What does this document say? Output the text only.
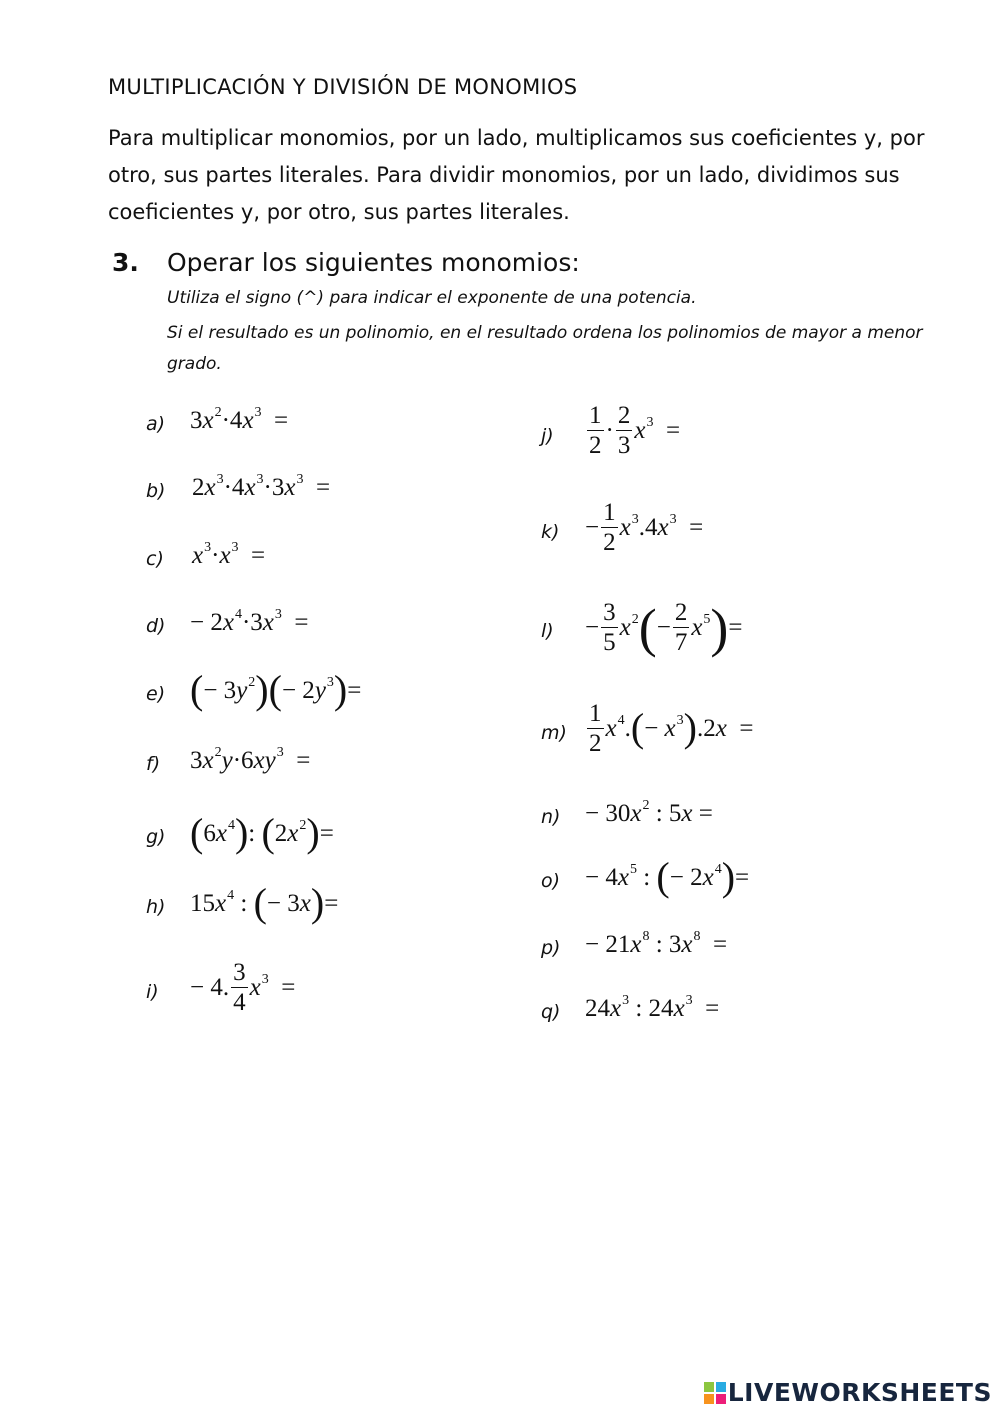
MULTIPLICACIÓN Y DIVISIÓN DE MONOMIOS
Para multiplicar monomios, por un lado, multiplicamos sus coeficientes y, por otro, sus partes literales. Para dividir monomios, por un lado, dividimos sus coeficientes y, por otro, sus partes literales.
3. Operar los siguientes monomios:
Utiliza el signo (^) para indicar el exponente de una potencia.
Si el resultado es un polinomio, en el resultado ordena los polinomios de mayor a menor grado.
a)
b)
c)
d)
e)
f)
g)
h)
i)
$3x^2\cdot 4x^3$  =
$2x^3\cdot 4x^3\cdot 3x^3$  =
$x^3\cdot x^3$  =
− $2x^4\cdot 3x^3$  =
(− $3y^2)(- 2y^3)=$
$3x^2y\cdot 6xy^3$  =
$(6x^4)$: $(2x^2)=$
$15x^4$ : (− 3x)=
− 4. $\frac{3}{4} x^3$  =
j)
k)
l)
m)
n)
o)
p)
q)
$\frac{1}{2} \cdot \frac{2}{3} x^3$  =
− $\frac{1}{2} x^3.4x^3$  =
− $\frac{3}{5} x^2(- \frac{2}{7} x^5)=$
$\frac{1}{2} x^4.(- x^3).2x$  =
− $30x^2$ : 5x =
− $4x^5$ : (− $2x^4)=$
− $21x^8$ : $3x^8$  =
$24x^3$ : $24x^3$  =
LIVEWORKSHEETS
